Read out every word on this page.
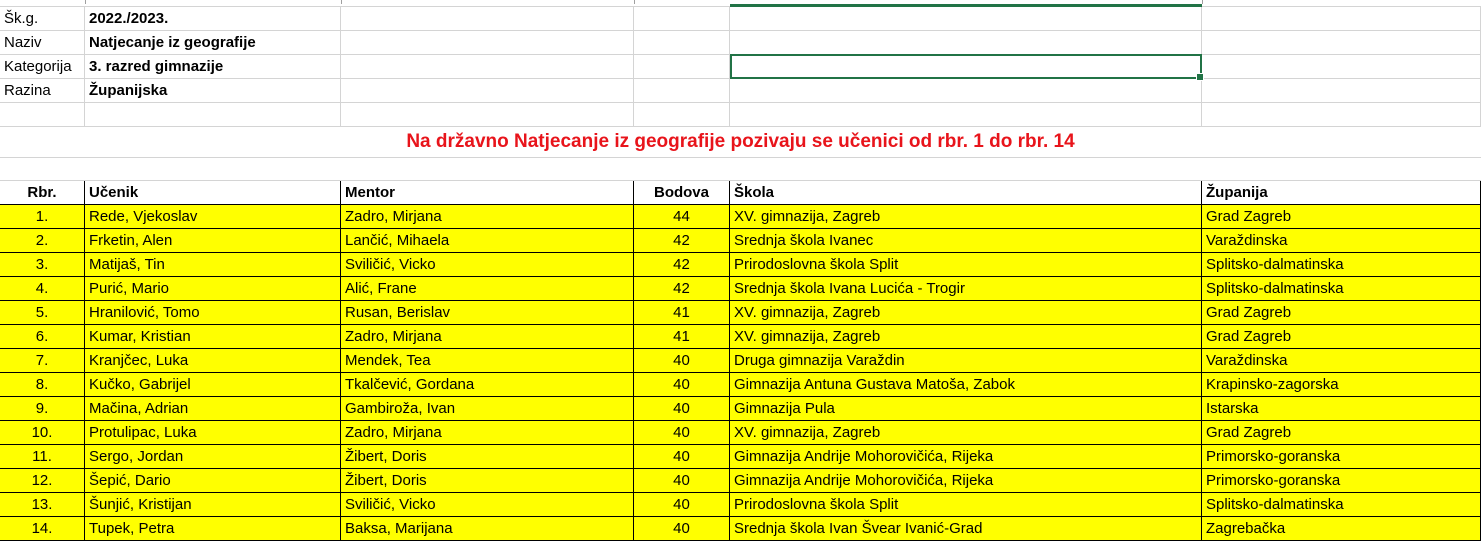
Šk.g.	2022./2023.
Naziv	Natjecanje iz geografije
Kategorija	3. razred gimnazije
Razina	Županijska
Na državno Natjecanje iz geografije pozivaju se učenici od rbr. 1 do rbr. 14
Rbr.	Učenik	Mentor	Bodova	Škola	Županija
1.	Rede, Vjekoslav	Zadro, Mirjana	44	XV. gimnazija, Zagreb	Grad Zagreb
2.	Frketin, Alen	Lančić, Mihaela	42	Srednja škola Ivanec	Varaždinska
3.	Matijaš, Tin	Sviličić, Vicko	42	Prirodoslovna škola Split	Splitsko-dalmatinska
4.	Purić, Mario	Alić, Frane	42	Srednja škola Ivana Lucića - Trogir	Splitsko-dalmatinska
5.	Hranilović, Tomo	Rusan, Berislav	41	XV. gimnazija, Zagreb	Grad Zagreb
6.	Kumar, Kristian	Zadro, Mirjana	41	XV. gimnazija, Zagreb	Grad Zagreb
7.	Kranjčec, Luka	Mendek, Tea	40	Druga gimnazija Varaždin	Varaždinska
8.	Kučko, Gabrijel	Tkalčević, Gordana	40	Gimnazija Antuna Gustava Matoša, Zabok	Krapinsko-zagorska
9.	Mačina, Adrian	Gambiroža, Ivan	40	Gimnazija Pula	Istarska
10.	Protulipac, Luka	Zadro, Mirjana	40	XV. gimnazija, Zagreb	Grad Zagreb
11.	Sergo, Jordan	Žibert, Doris	40	Gimnazija Andrije Mohorovičića, Rijeka	Primorsko-goranska
12.	Šepić, Dario	Žibert, Doris	40	Gimnazija Andrije Mohorovičića, Rijeka	Primorsko-goranska
13.	Šunjić, Kristijan	Sviličić, Vicko	40	Prirodoslovna škola Split	Splitsko-dalmatinska
14.	Tupek, Petra	Baksa, Marijana	40	Srednja škola Ivan Švear Ivanić-Grad	Zagrebačka
